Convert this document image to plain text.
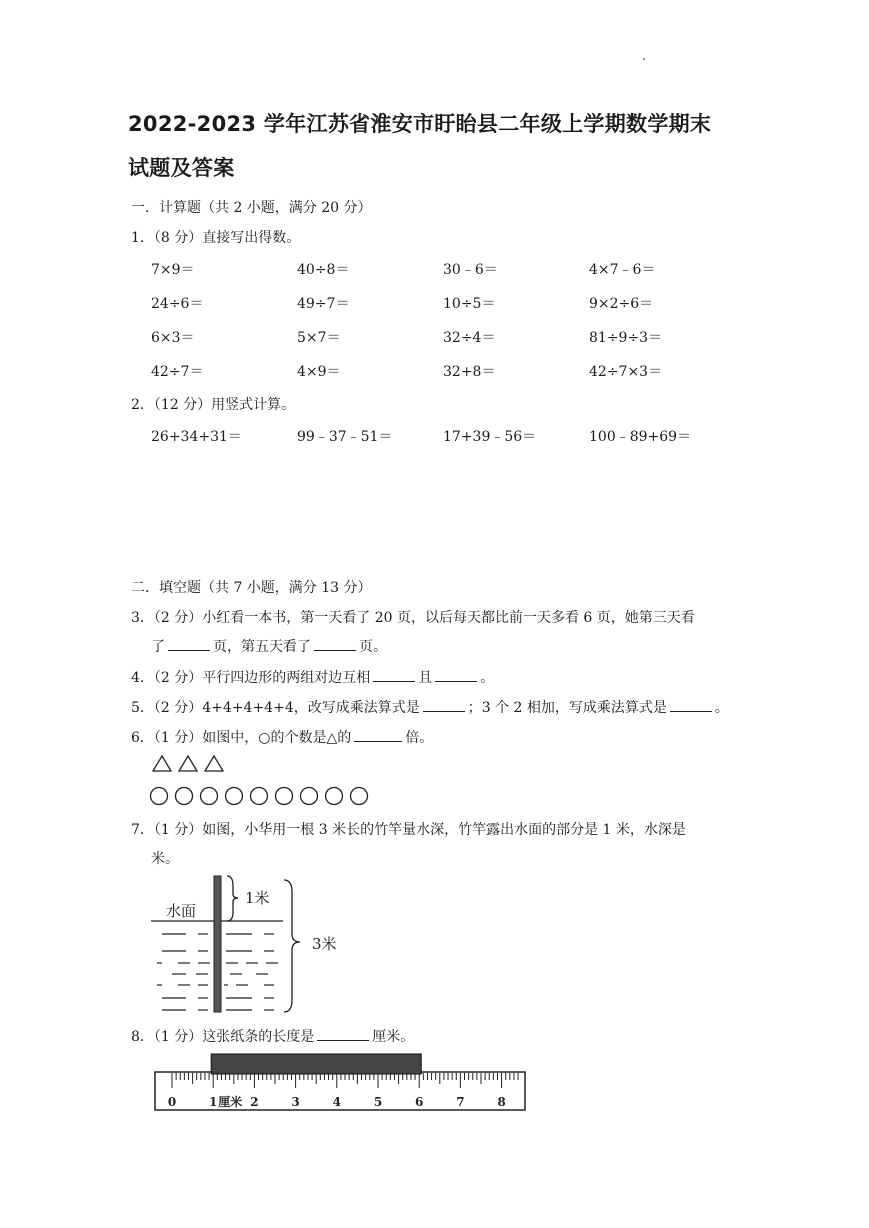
2022-2023 学年江苏省淮安市盱眙县二年级上学期数学期末
试题及答案
一．计算题（共 2 小题，满分 20 分）
1．（8 分）直接写出得数。
7×9＝	40÷8＝	30﹣6＝	4×7﹣6＝
24÷6＝	49÷7＝	10÷5＝	9×2÷6＝
6×3＝	5×7＝	32÷4＝	81÷9÷3＝
42÷7＝	4×9＝	32+8＝	42÷7×3＝
2．（12 分）用竖式计算。
26+34+31＝	99﹣37﹣51＝	17+39﹣56＝	100﹣89+69＝
二．填空题（共 7 小题，满分 13 分）
3．（2 分）小红看一本书，第一天看了 20 页，以后每天都比前一天多看 6 页，她第三天看
了	页，第五天看了	页。
4．（2 分）平行四边形的两组对边互相	且	。
5．（2 分）4+4+4+4+4，改写成乘法算式是	；3 个 2 相加，写成乘法算式是	。
6．（1 分）如图中，○的个数是△的	倍。
7．（1 分）如图，小华用一根 3 米长的竹竿量水深，竹竿露出水面的部分是 1 米，水深是
米。
水面
1米
3米
8．（1 分）这张纸条的长度是	厘米。
0	1	2	3	4	5	6	7	8
厘米
